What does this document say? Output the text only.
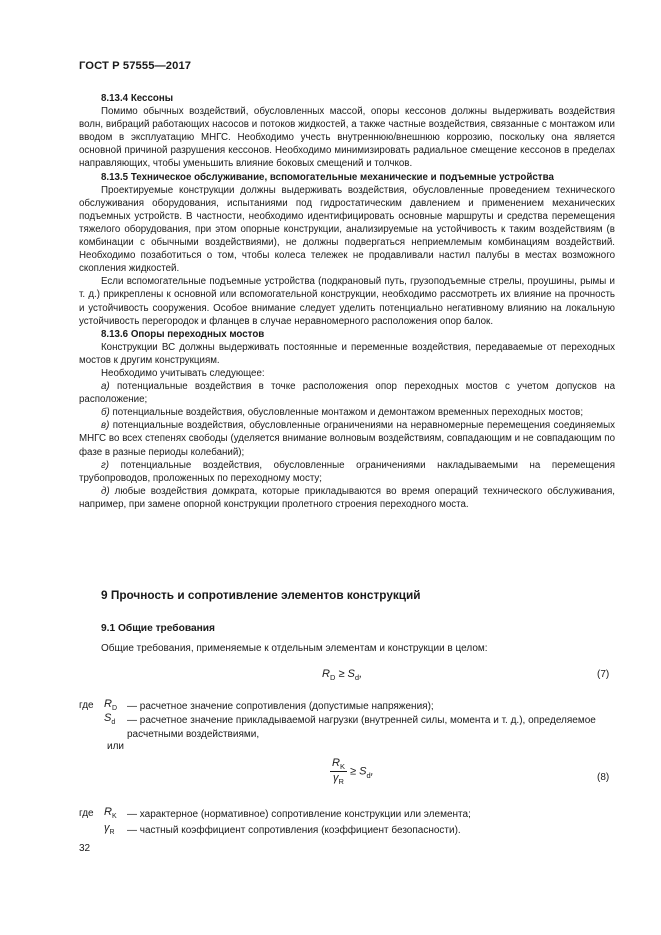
ГОСТ Р 57555—2017

8.13.4 Кессоны

Помимо обычных воздействий, обусловленных массой, опоры кессонов должны выдерживать воздействия волн, вибраций работающих насосов и потоков жидкостей, а также частные воздействия, связанные с монтажом или вводом в эксплуатацию МНГС. Необходимо учесть внутреннюю/внешнюю коррозию, поскольку она является основной причиной разрушения кессонов. Необходимо минимизировать радиальное смещение кессонов в пределах направляющих, чтобы уменьшить влияние боковых смещений и толчков.

8.13.5 Техническое обслуживание, вспомогательные механические и подъемные устройства

Проектируемые конструкции должны выдерживать воздействия, обусловленные проведением технического обслуживания оборудования, испытаниями под гидростатическим давлением и применением механических подъемных устройств. В частности, необходимо идентифицировать основные маршруты и средства перемещения тяжелого оборудования, при этом опорные конструкции, анализируемые на устойчивость к таким воздействиям (в комбинации с обычными воздействиями), не должны подвергаться неприемлемым комбинациям воздействий. Необходимо позаботиться о том, чтобы колеса тележек не продавливали настил палубы в местах возможного скопления жидкостей.

Если вспомогательные подъемные устройства (подкрановый путь, грузоподъемные стрелы, проушины, рымы и т. д.) прикреплены к основной или вспомогательной конструкции, необходимо рассмотреть их влияние на прочность и устойчивость сооружения. Особое внимание следует уделить потенциально негативному влиянию на локальную устойчивость перегородок и фланцев в случае неравномерного расположения опор балок.

8.13.6 Опоры переходных мостов

Конструкции ВС должны выдерживать постоянные и переменные воздействия, передаваемые от переходных мостов к другим конструкциям.

Необходимо учитывать следующее:

а) потенциальные воздействия в точке расположения опор переходных мостов с учетом допусков на расположение;

б) потенциальные воздействия, обусловленные монтажом и демонтажом временных переходных мостов;

в) потенциальные воздействия, обусловленные ограничениями на неравномерные перемещения соединяемых МНГС во всех степенях свободы (уделяется внимание волновым воздействиям, совпадающим и не совпадающим по фазе в разные периоды колебаний);

г) потенциальные воздействия, обусловленные ограничениями накладываемыми на перемещения трубопроводов, проложенных по переходному мосту;

д) любые воздействия домкрата, которые прикладываются во время операций технического обслуживания, например, при замене опорной конструкции пролетного строения переходного моста.

9 Прочность и сопротивление элементов конструкций
9.1 Общие требования
Общие требования, применяемые к отдельным элементам и конструкции в целом:
$R_D \ge S_d$,	(7)
где $R_D$ — расчетное значение сопротивления (допустимые напряжения);
$S_d$ — расчетное значение прикладываемой нагрузки (внутренней силы, момента и т. д.), определяемое расчетными воздействиями,
или
$\frac{R_K}{\gamma_R} \ge S_d$,	(8)
где $R_K$ — характерное (нормативное) сопротивление конструкции или элемента;
$\gamma_R$ — частный коэффициент сопротивления (коэффициент безопасности).
32
